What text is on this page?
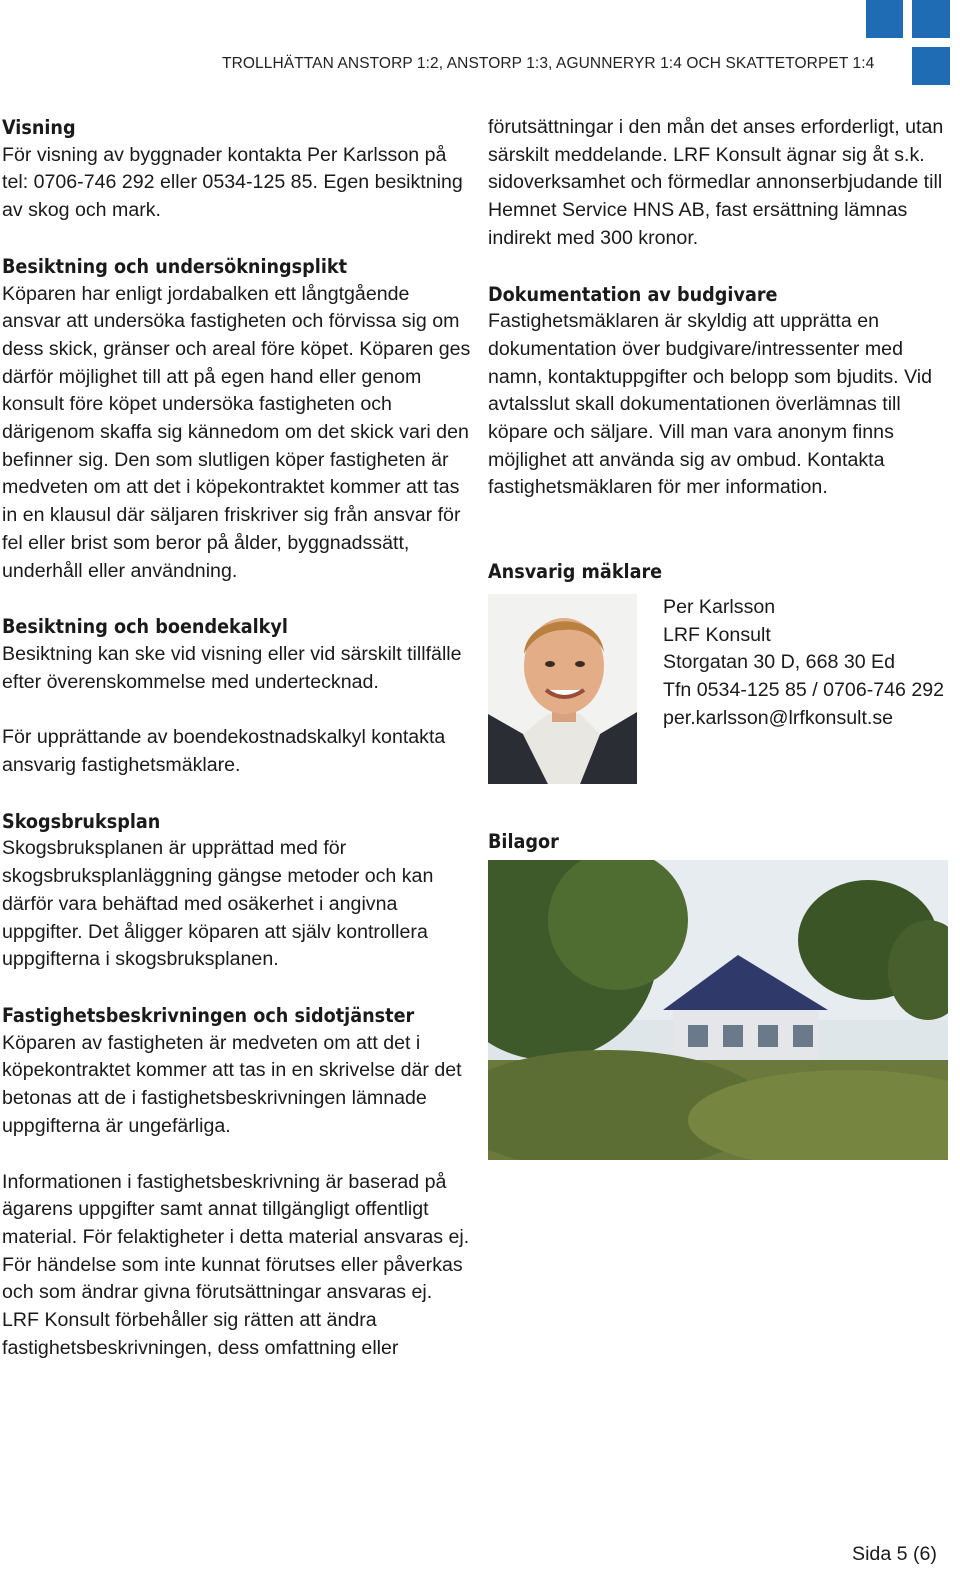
TROLLHÄTTAN ANSTORP 1:2, ANSTORP 1:3, AGUNNERYR 1:4 OCH SKATTETORPET 1:4
Visning

För visning av byggnader kontakta Per Karlsson på tel: 0706-746 292 eller 0534-125 85. Egen besiktning av skog och mark.

Besiktning och undersökningsplikt

Köparen har enligt jordabalken ett långtgående ansvar att undersöka fastigheten och förvissa sig om dess skick, gränser och areal före köpet. Köparen ges därför möjlighet till att på egen hand eller genom konsult före köpet undersöka fastigheten och därigenom skaffa sig kännedom om det skick vari den befinner sig. Den som slutligen köper fastigheten är medveten om att det i köpekontraktet kommer att tas in en klausul där säljaren friskriver sig från ansvar för fel eller brist som beror på ålder, byggnadssätt, underhåll eller användning.

Besiktning och boendekalkyl

Besiktning kan ske vid visning eller vid särskilt tillfälle efter överenskommelse med undertecknad.

För upprättande av boendekostnadskalkyl kontakta ansvarig fastighetsmäklare.

Skogsbruksplan

Skogsbruksplanen är upprättad med för skogsbruksplanläggning gängse metoder och kan därför vara behäftad med osäkerhet i angivna uppgifter. Det åligger köparen att själv kontrollera uppgifterna i skogsbruksplanen.

Fastighetsbeskrivningen och sidotjänster

Köparen av fastigheten är medveten om att det i köpekontraktet kommer att tas in en skrivelse där det betonas att de i fastighetsbeskrivningen lämnade uppgifterna är ungefärliga.

Informationen i fastighetsbeskrivning är baserad på ägarens uppgifter samt annat tillgängligt offentligt material. För felaktigheter i detta material ansvaras ej. För händelse som inte kunnat förutses eller påverkas och som ändrar givna förutsättningar ansvaras ej. LRF Konsult förbehåller sig rätten att ändra fastighetsbeskrivningen, dess omfattning eller

förutsättningar i den mån det anses erforderligt, utan särskilt meddelande. LRF Konsult ägnar sig åt s.k. sidoverksamhet och förmedlar annonserbjudande till Hemnet Service HNS AB, fast ersättning lämnas indirekt med 300 kronor.

Dokumentation av budgivare

Fastighetsmäklaren är skyldig att upprätta en dokumentation över budgivare/intressenter med namn, kontaktuppgifter och belopp som bjudits. Vid avtalsslut skall dokumentationen överlämnas till köpare och säljare. Vill man vara anonym finns möjlighet att använda sig av ombud. Kontakta fastighetsmäklaren för mer information.

Ansvarig mäklare
Per Karlsson
LRF Konsult
Storgatan 30 D, 668 30 Ed
Tfn 0534-125 85 / 0706-746 292
per.karlsson@lrfkonsult.se
Bilagor
Sida 5 (6)
